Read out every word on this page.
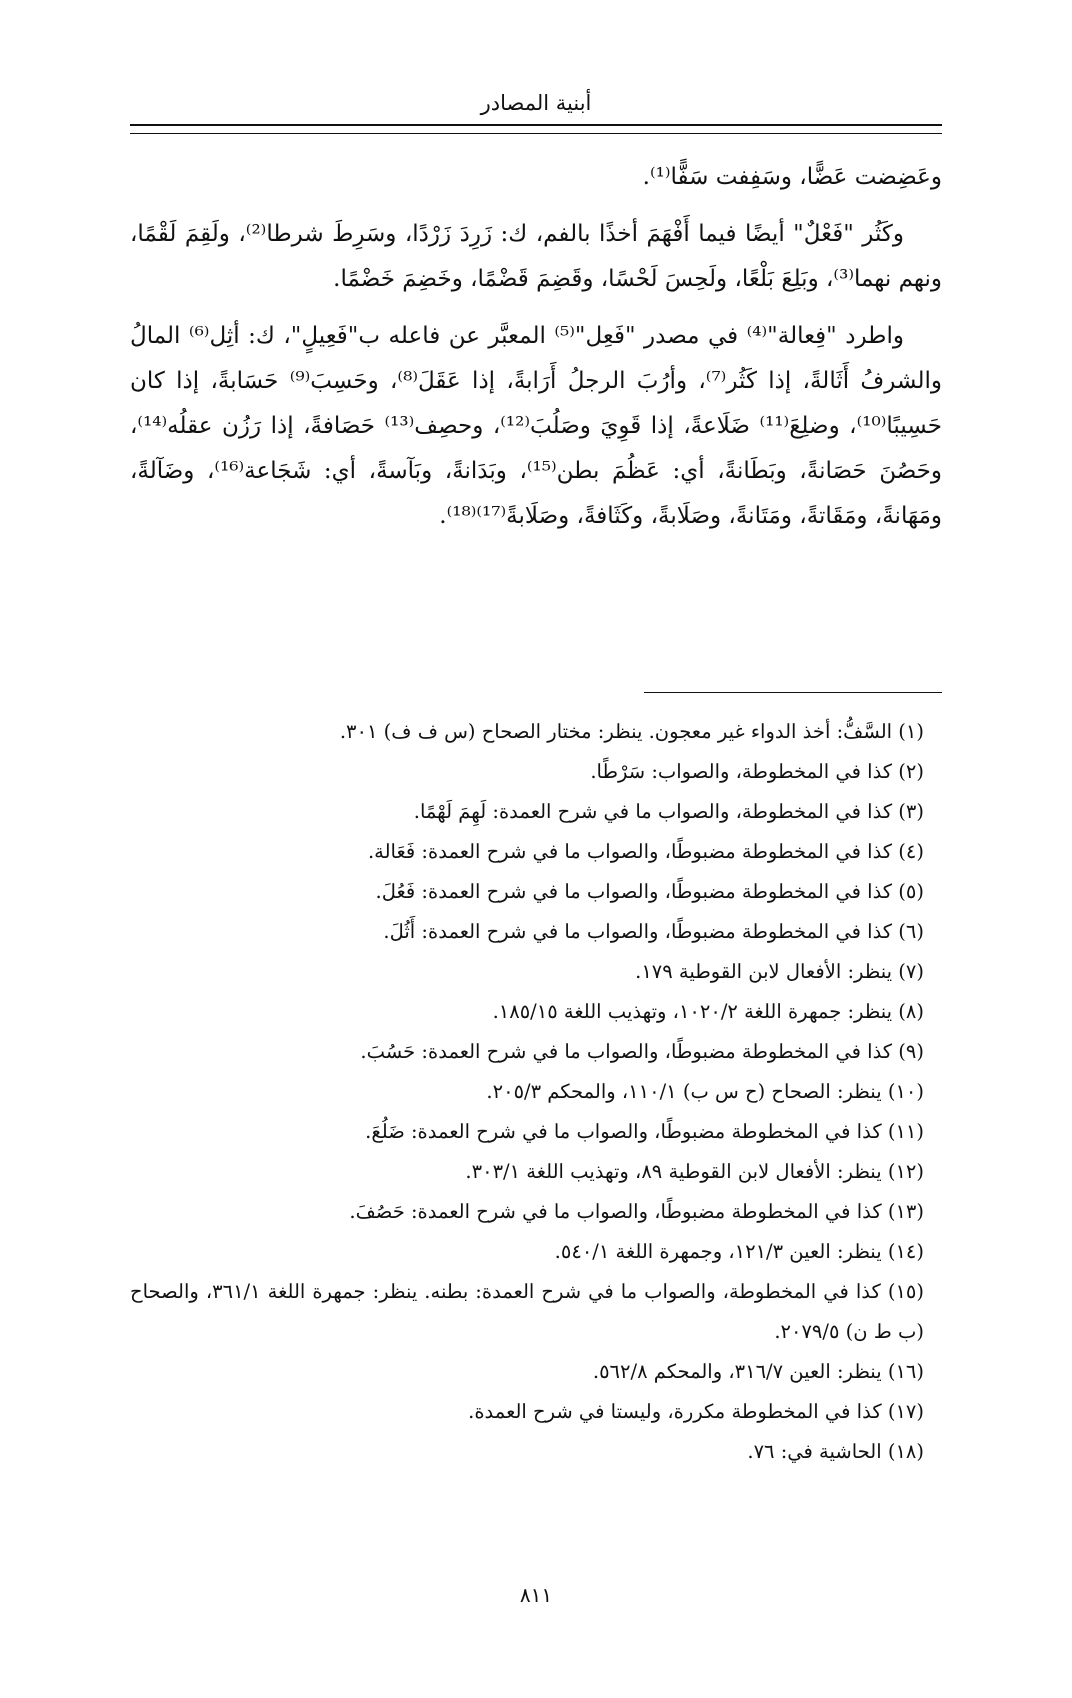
أبنية المصادر

وعَضِضت عَضًّا، وسَفِفت سَفًّا⁽¹⁾.

وكَثُر "فَعْلٌ" أيضًا فيما أَفْهَمَ أخذًا بالفم، ك: زَرِدَ زَرْدًا، وسَرِطَ شرطا⁽²⁾، ولَقِمَ لَقْمًا، ونهم نهما⁽³⁾، وبَلِعَ بَلْعًا، ولَحِسَ لَحْسًا، وقَضِمَ قَضْمًا، وخَضِمَ خَضْمًا.

واطرد "فِعالة"⁽⁴⁾ في مصدر "فَعِل"⁽⁵⁾ المعبَّر عن فاعله ب"فَعِيلٍ"، ك: أثِل⁽⁶⁾ المالُ والشرفُ أَثَالةً، إذا كَثُر⁽⁷⁾، وأرُبَ الرجلُ أَرَابةً، إذا عَقَلَ⁽⁸⁾، وحَسِبَ⁽⁹⁾ حَسَابةً، إذا كان حَسِيبًا⁽¹⁰⁾، وضلِعَ⁽¹¹⁾ ضَلَاعةً، إذا قَوِيَ وصَلُبَ⁽¹²⁾، وحصِف⁽¹³⁾ حَصَافةً، إذا رَزُن عقلُه⁽¹⁴⁾، وحَصُنَ حَصَانةً، وبَطَانةً، أي: عَظُمَ بطن⁽¹⁵⁾، وبَدَانةً، وبَآسةً، أي: شَجَاعة⁽¹⁶⁾، وضَآلةً، ومَهَانةً، ومَقَاتةً، ومَتَانةً، وصَلَابةً، وكَثَافةً، وصَلَابةً⁽¹⁷⁾⁽¹⁸⁾.

(١) السَّفُّ: أخذ الدواء غير معجون. ينظر: مختار الصحاح (س ف ف) ٣٠١.
(٢) كذا في المخطوطة، والصواب: سَرْطًا.
(٣) كذا في المخطوطة، والصواب ما في شرح العمدة: لَهِمَ لَهْمًا.
(٤) كذا في المخطوطة مضبوطًا، والصواب ما في شرح العمدة: فَعَالة.
(٥) كذا في المخطوطة مضبوطًا، والصواب ما في شرح العمدة: فَعُلَ.
(٦) كذا في المخطوطة مضبوطًا، والصواب ما في شرح العمدة: أَثُلَ.
(٧) ينظر: الأفعال لابن القوطية ١٧٩.
(٨) ينظر: جمهرة اللغة ١٠٢٠/٢، وتهذيب اللغة ١٨٥/١٥.
(٩) كذا في المخطوطة مضبوطًا، والصواب ما في شرح العمدة: حَسُبَ.
(١٠) ينظر: الصحاح (ح س ب) ١١٠/١، والمحكم ٢٠٥/٣.
(١١) كذا في المخطوطة مضبوطًا، والصواب ما في شرح العمدة: ضَلُعَ.
(١٢) ينظر: الأفعال لابن القوطية ٨٩، وتهذيب اللغة ٣٠٣/١.
(١٣) كذا في المخطوطة مضبوطًا، والصواب ما في شرح العمدة: حَصُفَ.
(١٤) ينظر: العين ١٢١/٣، وجمهرة اللغة ٥٤٠/١.
(١٥) كذا في المخطوطة، والصواب ما في شرح العمدة: بطنه. ينظر: جمهرة اللغة ٣٦١/١، والصحاح (ب ط ن) ٢٠٧٩/٥.
(١٦) ينظر: العين ٣١٦/٧، والمحكم ٥٦٢/٨.
(١٧) كذا في المخطوطة مكررة، وليستا في شرح العمدة.
(١٨) الحاشية في: ٧٦.
٨١١
